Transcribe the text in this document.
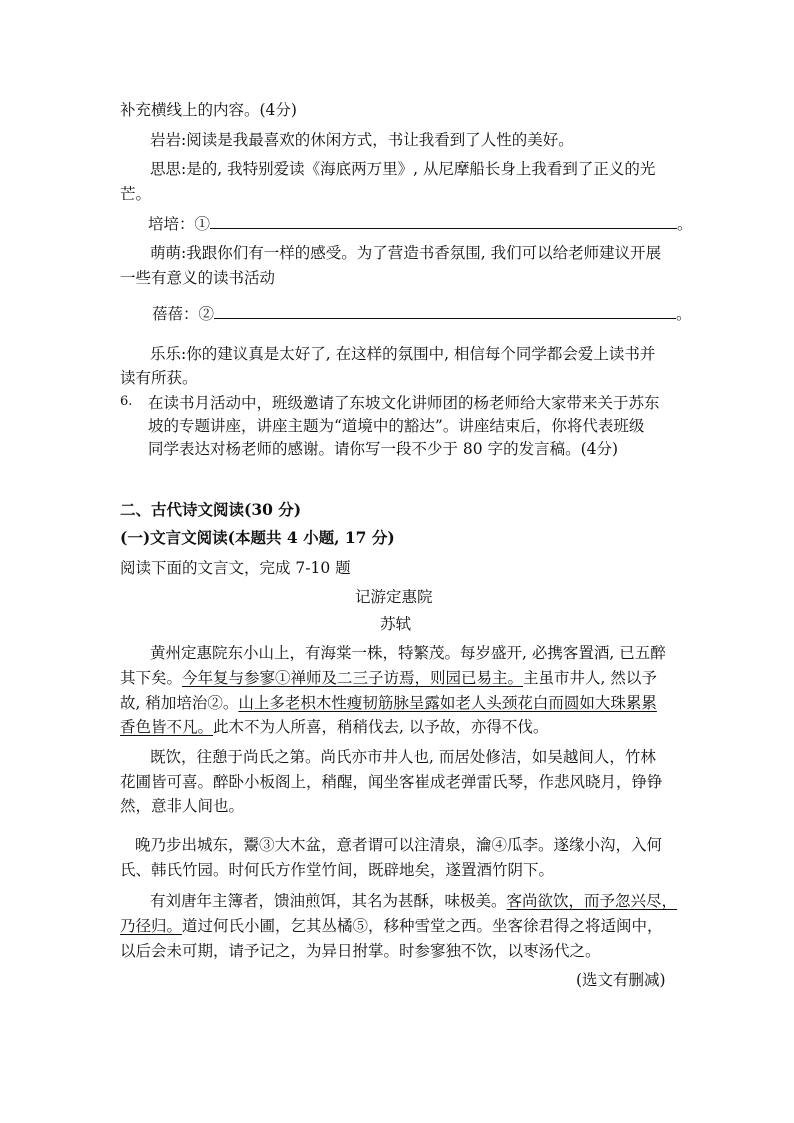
补充横线上的内容。(4分)
岩岩:阅读是我最喜欢的休闲方式，书让我看到了人性的美好。
思思:是的, 我特别爱读《海底两万里》, 从尼摩船长身上我看到了正义的光
芒。
培培：①	。
萌萌:我跟你们有一样的感受。为了营造书香氛围, 我们可以给老师建议开展
一些有意义的读书活动
蓓蓓：②	。
乐乐:你的建议真是太好了, 在这样的氛围中, 相信每个同学都会爱上读书并
读有所获。
6. 在读书月活动中，班级邀请了东坡文化讲师团的杨老师给大家带来关于苏东
坡的专题讲座，讲座主题为“道境中的豁达”。讲座结束后，你将代表班级
同学表达对杨老师的感谢。请你写一段不少于 80 字的发言稿。(4分)
二、古代诗文阅读(30 分)
(一)文言文阅读(本题共 4 小题, 17 分)
阅读下面的文言文，完成 7-10 题
记游定惠院
苏轼
黄州定惠院东小山上，有海棠一株，特繁茂。每岁盛开, 必携客置酒, 已五醉
其下矣。今年复与参寥①禅师及二三子访焉，则园已易主。主虽市井人, 然以予
故, 稍加培治②。山上多老枳木性瘦韧筋脉呈露如老人头颈花白而圆如大珠累累
香色皆不凡。此木不为人所喜，稍稍伐去, 以予故，亦得不伐。
既饮，往憩于尚氏之第。尚氏亦市井人也, 而居处修洁，如吴越间人，竹林
花圃皆可喜。醉卧小板阁上，稍醒，闻坐客崔成老弹雷氏琴，作悲风晓月，铮铮
然，意非人间也。
晚乃步出城东，鬻③大木盆，意者谓可以注清泉，瀹④瓜李。遂缘小沟，入何
氏、韩氏竹园。时何氏方作堂竹间，既辟地矣，遂置酒竹阴下。
有刘唐年主簿者，馈油煎饵，其名为甚酥，味极美。客尚欲饮，而予忽兴尽，
乃径归。道过何氏小圃，乞其丛橘⑤，移种雪堂之西。坐客徐君得之将适闽中，
以后会未可期，请予记之，为异日拊掌。时参寥独不饮，以枣汤代之。
(选文有删减)
